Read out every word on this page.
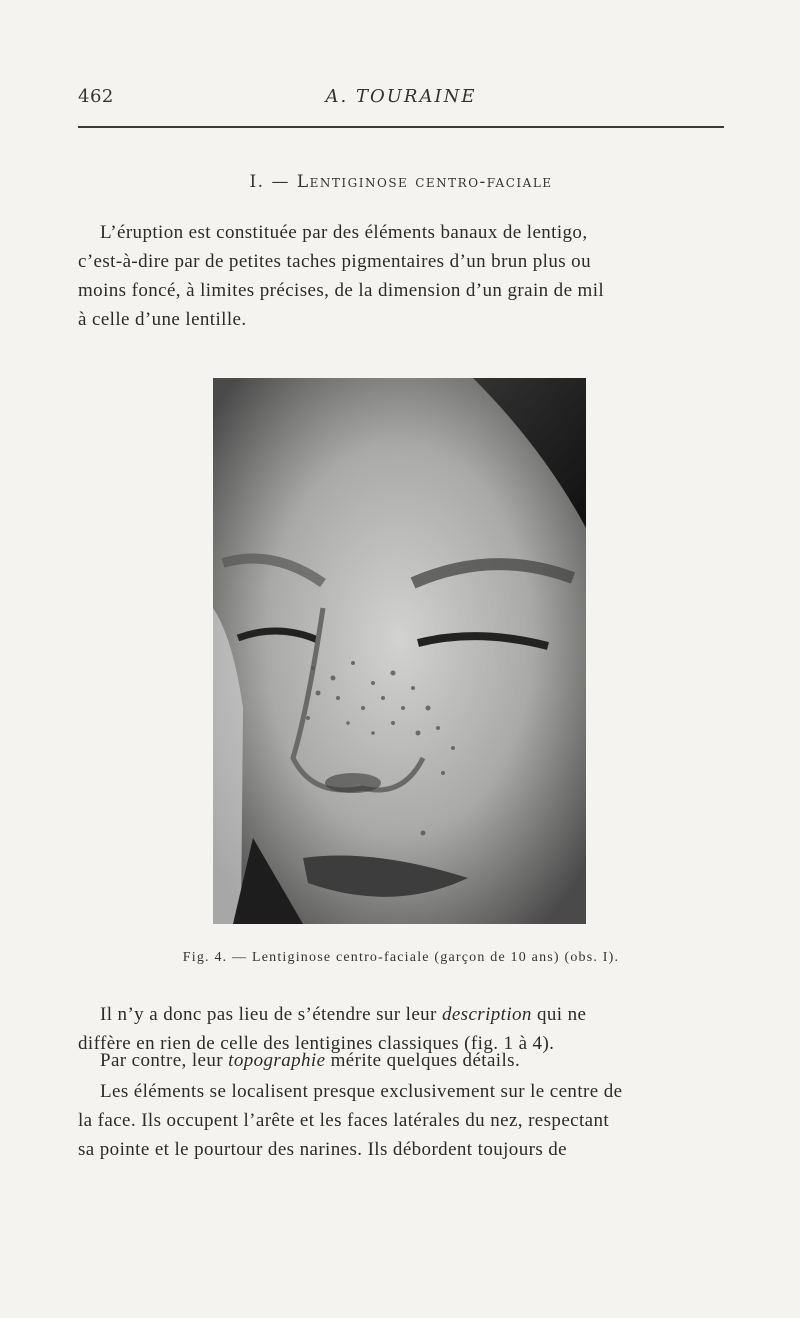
462	A. TOURAINE
I. — Lentiginose centro-faciale
L’éruption est constituée par des éléments banaux de lentigo,
c’est-à-dire par de petites taches pigmentaires d’un brun plus ou
moins foncé, à limites précises, de la dimension d’un grain de mil
à celle d’une lentille.
Fig. 4. — Lentiginose centro-faciale (garçon de 10 ans) (obs. I).
Il n’y a donc pas lieu de s’étendre sur leur description qui ne
diffère en rien de celle des lentigines classiques (fig. 1 à 4).
Par contre, leur topographie mérite quelques détails.
Les éléments se localisent presque exclusivement sur le centre de
la face. Ils occupent l’arête et les faces latérales du nez, respectant
sa pointe et le pourtour des narines. Ils débordent toujours de
